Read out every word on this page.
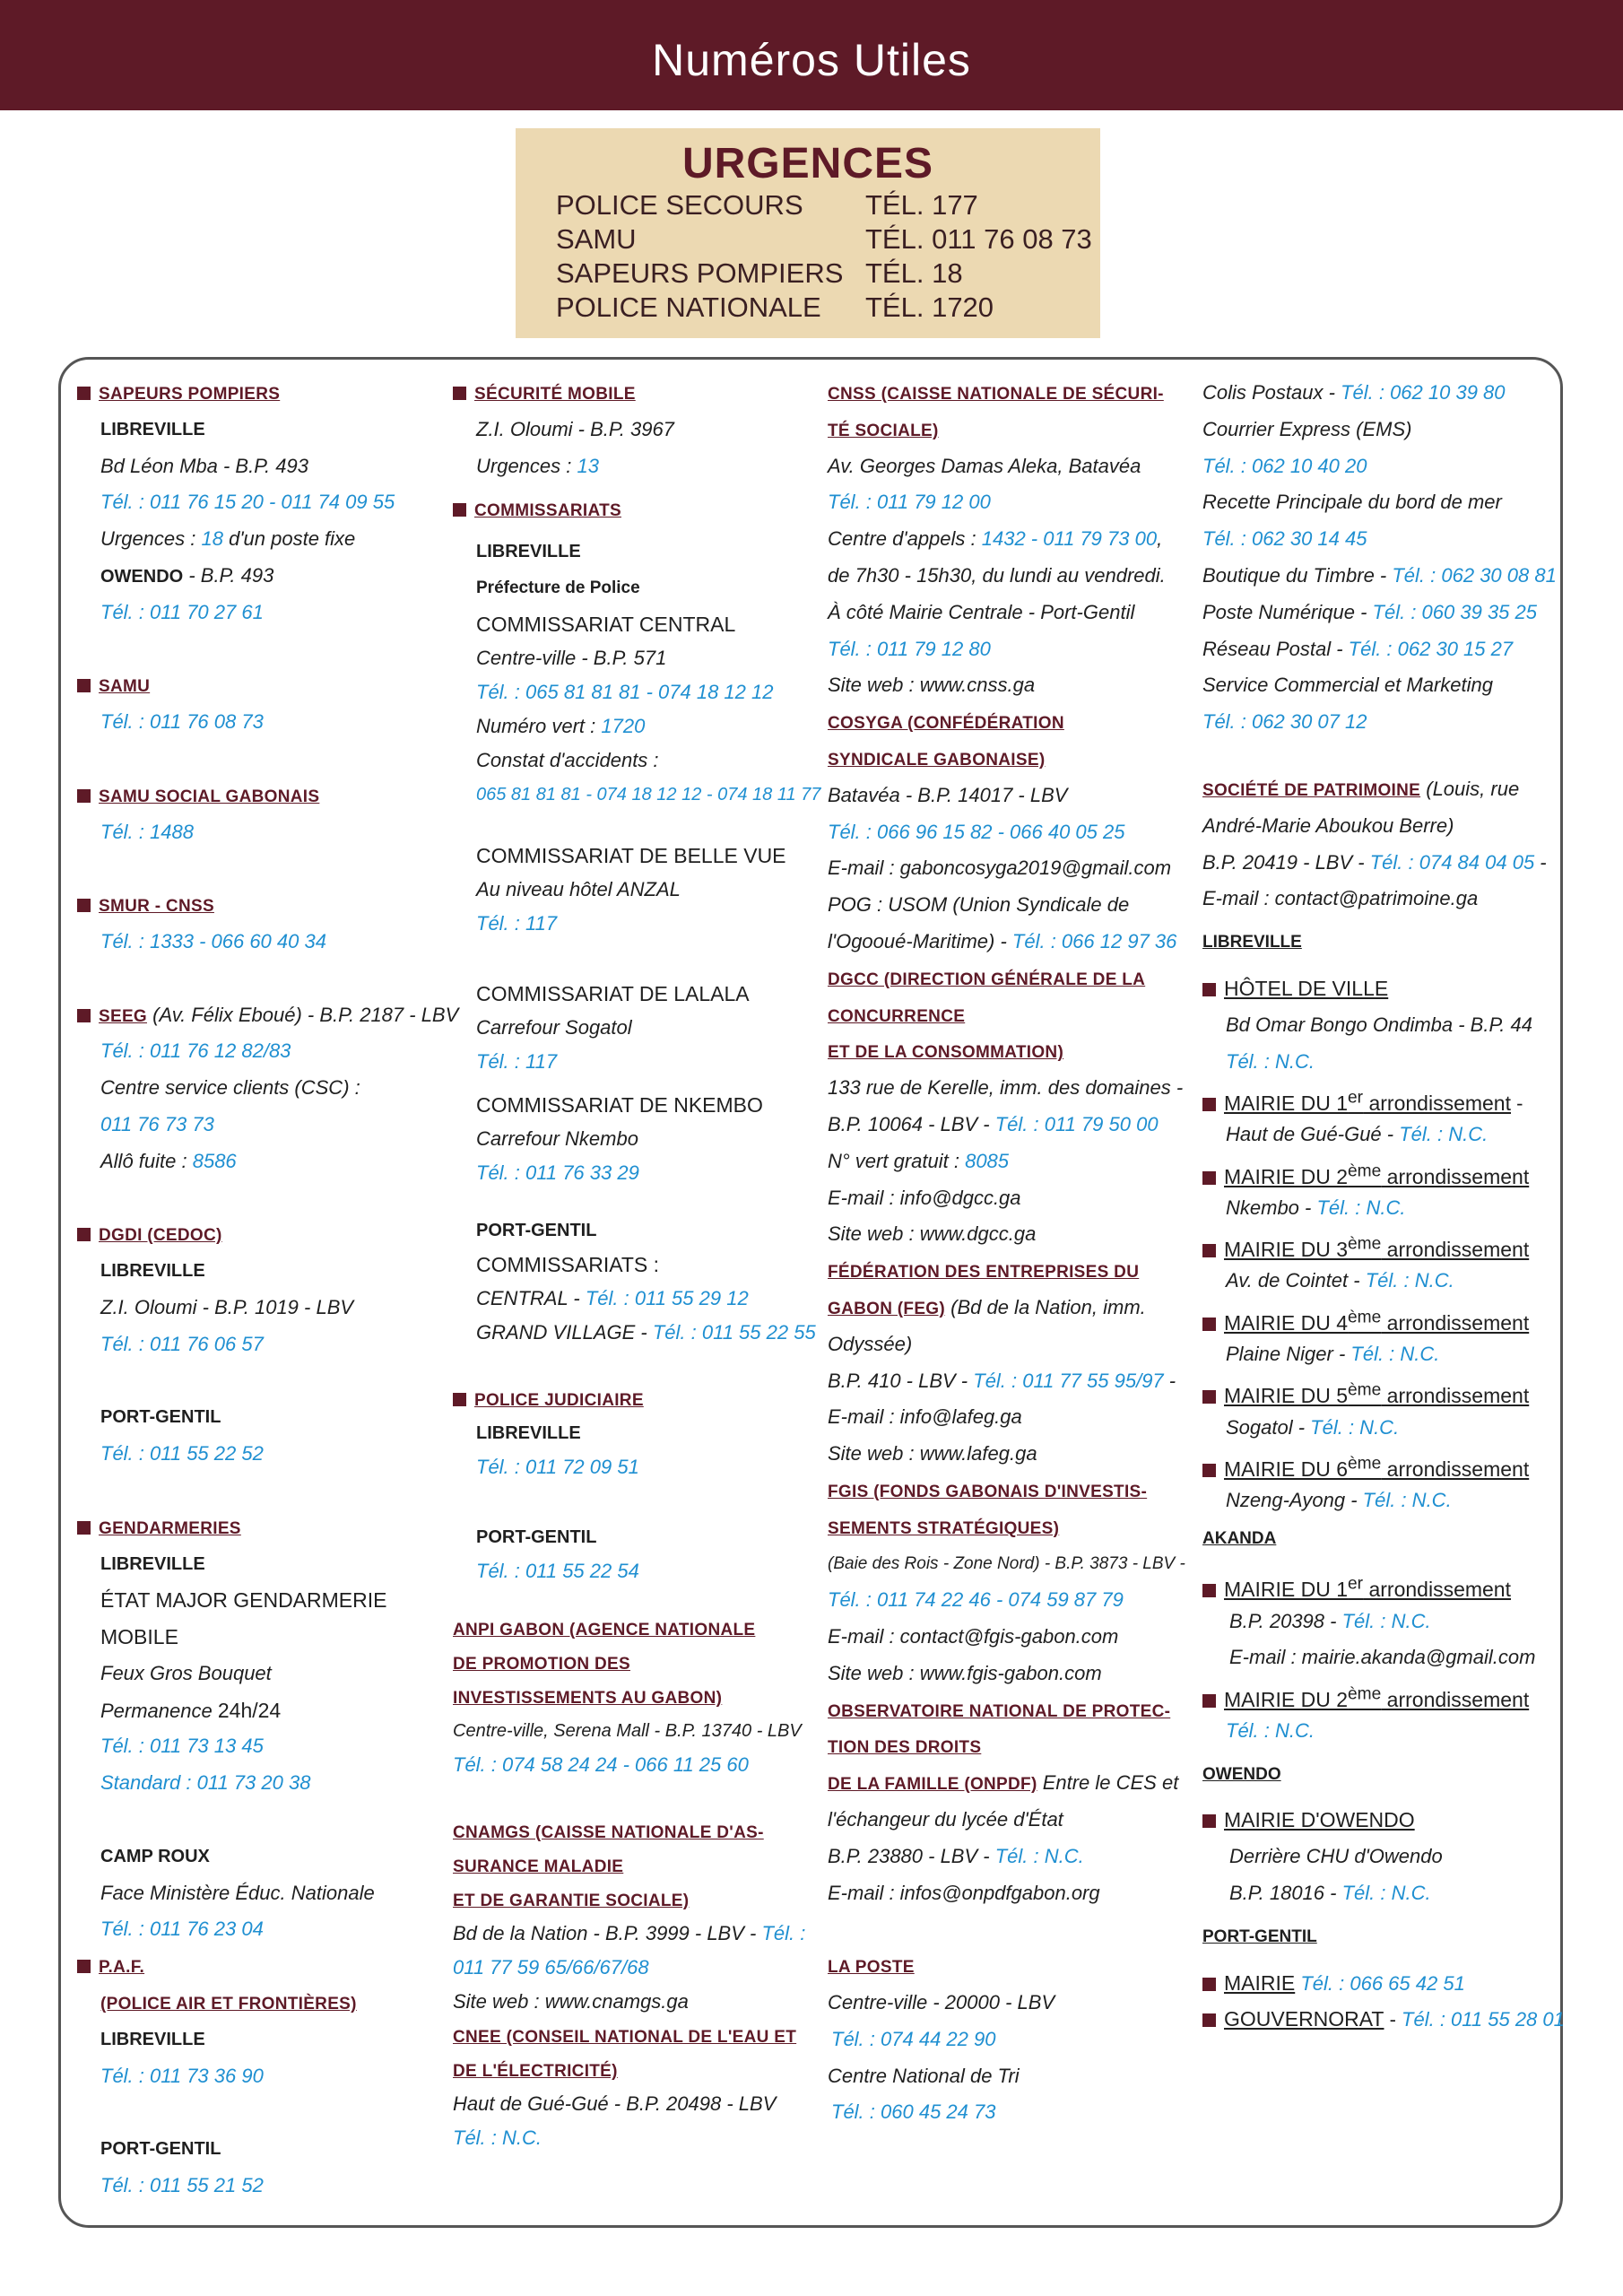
Numéros Utiles
URGENCES
POLICE SECOURS TÉL. 177
SAMU	TÉL. 011 76 08 73
SAPEURS POMPIERS TÉL. 18
POLICE NATIONALE TÉL. 1720
SAPEURS POMPIERS
LIBREVILLE
Bd Léon Mba - B.P. 493
Tél. : 011 76 15 20 - 011 74 09 55
Urgences : 18 d'un poste fixe
OWENDO - B.P. 493
Tél. : 011 70 27 61
SAMU
Tél. : 011 76 08 73
SAMU SOCIAL GABONAIS
Tél. : 1488
SMUR - CNSS
Tél. : 1333 - 066 60 40 34
SEEG (Av. Félix Eboué) - B.P. 2187 - LBV
Tél. : 011 76 12 82/83
Centre service clients (CSC) :
011 76 73 73
Allô fuite : 8586
DGDI (CEDOC)
LIBREVILLE
Z.I. Oloumi - B.P. 1019 - LBV
Tél. : 011 76 06 57
PORT-GENTIL
Tél. : 011 55 22 52
GENDARMERIES
LIBREVILLE
ÉTAT MAJOR GENDARMERIE
MOBILE
Feux Gros Bouquet
Permanence 24h/24
Tél. : 011 73 13 45
Standard : 011 73 20 38
CAMP ROUX
Face Ministère Éduc. Nationale
Tél. : 011 76 23 04
P.A.F.
(POLICE AIR ET FRONTIÈRES)
LIBREVILLE
Tél. : 011 73 36 90
PORT-GENTIL
Tél. : 011 55 21 52
SÉCURITÉ MOBILE
Z.I. Oloumi - B.P. 3967
Urgences : 13
COMMISSARIATS
LIBREVILLE
Préfecture de Police
COMMISSARIAT CENTRAL
Centre-ville - B.P. 571
Tél. : 065 81 81 81 - 074 18 12 12
Numéro vert : 1720
Constat d'accidents :
065 81 81 81 - 074 18 12 12 - 074 18 11 77
COMMISSARIAT DE BELLE VUE
Au niveau hôtel ANZAL
Tél. : 117
COMMISSARIAT DE LALALA
Carrefour Sogatol
Tél. : 117
COMMISSARIAT DE NKEMBO
Carrefour Nkembo
Tél. : 011 76 33 29
PORT-GENTIL
COMMISSARIATS :
CENTRAL - Tél. : 011 55 29 12
GRAND VILLAGE - Tél. : 011 55 22 55
POLICE JUDICIAIRE
LIBREVILLE
Tél. : 011 72 09 51
PORT-GENTIL
Tél. : 011 55 22 54
ANPI GABON (AGENCE NATIONALE
DE PROMOTION DES
INVESTISSEMENTS AU GABON)
Centre-ville, Serena Mall - B.P. 13740 - LBV
Tél. : 074 58 24 24 - 066 11 25 60
CNAMGS (CAISSE NATIONALE D'AS-
SURANCE MALADIE
ET DE GARANTIE SOCIALE)
Bd de la Nation - B.P. 3999 - LBV - Tél. :
011 77 59 65/66/67/68
Site web : www.cnamgs.ga
CNEE (CONSEIL NATIONAL DE L'EAU ET
DE L'ÉLECTRICITÉ)
Haut de Gué-Gué - B.P. 20498 - LBV
Tél. : N.C.
CNSS (CAISSE NATIONALE DE SÉCURI-
TÉ SOCIALE)
Av. Georges Damas Aleka, Batavéa
Tél. : 011 79 12 00
Centre d'appels : 1432 - 011 79 73 00,
de 7h30 - 15h30, du lundi au vendredi.
À côté Mairie Centrale - Port-Gentil
Tél. : 011 79 12 80
Site web : www.cnss.ga
COSYGA (CONFÉDÉRATION
SYNDICALE GABONAISE)
Batavéa - B.P. 14017 - LBV
Tél. : 066 96 15 82 - 066 40 05 25
E-mail : gaboncosyga2019@gmail.com
POG : USOM (Union Syndicale de
l'Ogooué-Maritime) - Tél. : 066 12 97 36
DGCC (DIRECTION GÉNÉRALE DE LA
CONCURRENCE
ET DE LA CONSOMMATION)
133 rue de Kerelle, imm. des domaines -
B.P. 10064 - LBV - Tél. : 011 79 50 00
N° vert gratuit : 8085
E-mail : info@dgcc.ga
Site web : www.dgcc.ga
FÉDÉRATION DES ENTREPRISES DU
GABON (FEG) (Bd de la Nation, imm.
Odyssée)
B.P. 410 - LBV - Tél. : 011 77 55 95/97 -
E-mail : info@lafeg.ga
Site web : www.lafeg.ga
FGIS (FONDS GABONAIS D'INVESTIS-
SEMENTS STRATÉGIQUES)
(Baie des Rois - Zone Nord) - B.P. 3873 - LBV -
Tél. : 011 74 22 46 - 074 59 87 79
E-mail : contact@fgis-gabon.com
Site web : www.fgis-gabon.com
OBSERVATOIRE NATIONAL DE PROTEC-
TION DES DROITS
DE LA FAMILLE (ONPDF) Entre le CES et
l'échangeur du lycée d'État
B.P. 23880 - LBV - Tél. : N.C.
E-mail : infos@onpdfgabon.org
LA POSTE
Centre-ville - 20000 - LBV
Tél. : 074 44 22 90
Centre National de Tri
Tél. : 060 45 24 73
Colis Postaux - Tél. : 062 10 39 80
Courrier Express (EMS)
Tél. : 062 10 40 20
Recette Principale du bord de mer
Tél. : 062 30 14 45
Boutique du Timbre - Tél. : 062 30 08 81
Poste Numérique - Tél. : 060 39 35 25
Réseau Postal - Tél. : 062 30 15 27
Service Commercial et Marketing
Tél. : 062 30 07 12
SOCIÉTÉ DE PATRIMOINE (Louis, rue
André-Marie Aboukou Berre)
B.P. 20419 - LBV - Tél. : 074 84 04 05 -
E-mail : contact@patrimoine.ga
LIBREVILLE
HÔTEL DE VILLE
Bd Omar Bongo Ondimba - B.P. 44
Tél. : N.C.
MAIRIE DU 1er arrondissement -
Haut de Gué-Gué - Tél. : N.C.
MAIRIE DU 2ème arrondissement
Nkembo - Tél. : N.C.
MAIRIE DU 3ème arrondissement
Av. de Cointet - Tél. : N.C.
MAIRIE DU 4ème arrondissement
Plaine Niger - Tél. : N.C.
MAIRIE DU 5ème arrondissement
Sogatol - Tél. : N.C.
MAIRIE DU 6ème arrondissement
Nzeng-Ayong - Tél. : N.C.
AKANDA
MAIRIE DU 1er arrondissement
B.P. 20398 - Tél. : N.C.
E-mail : mairie.akanda@gmail.com
MAIRIE DU 2ème arrondissement
Tél. : N.C.
OWENDO
MAIRIE D'OWENDO
Derrière CHU d'Owendo
B.P. 18016 - Tél. : N.C.
PORT-GENTIL
MAIRIE Tél. : 066 65 42 51
GOUVERNORAT - Tél. : 011 55 28 01
